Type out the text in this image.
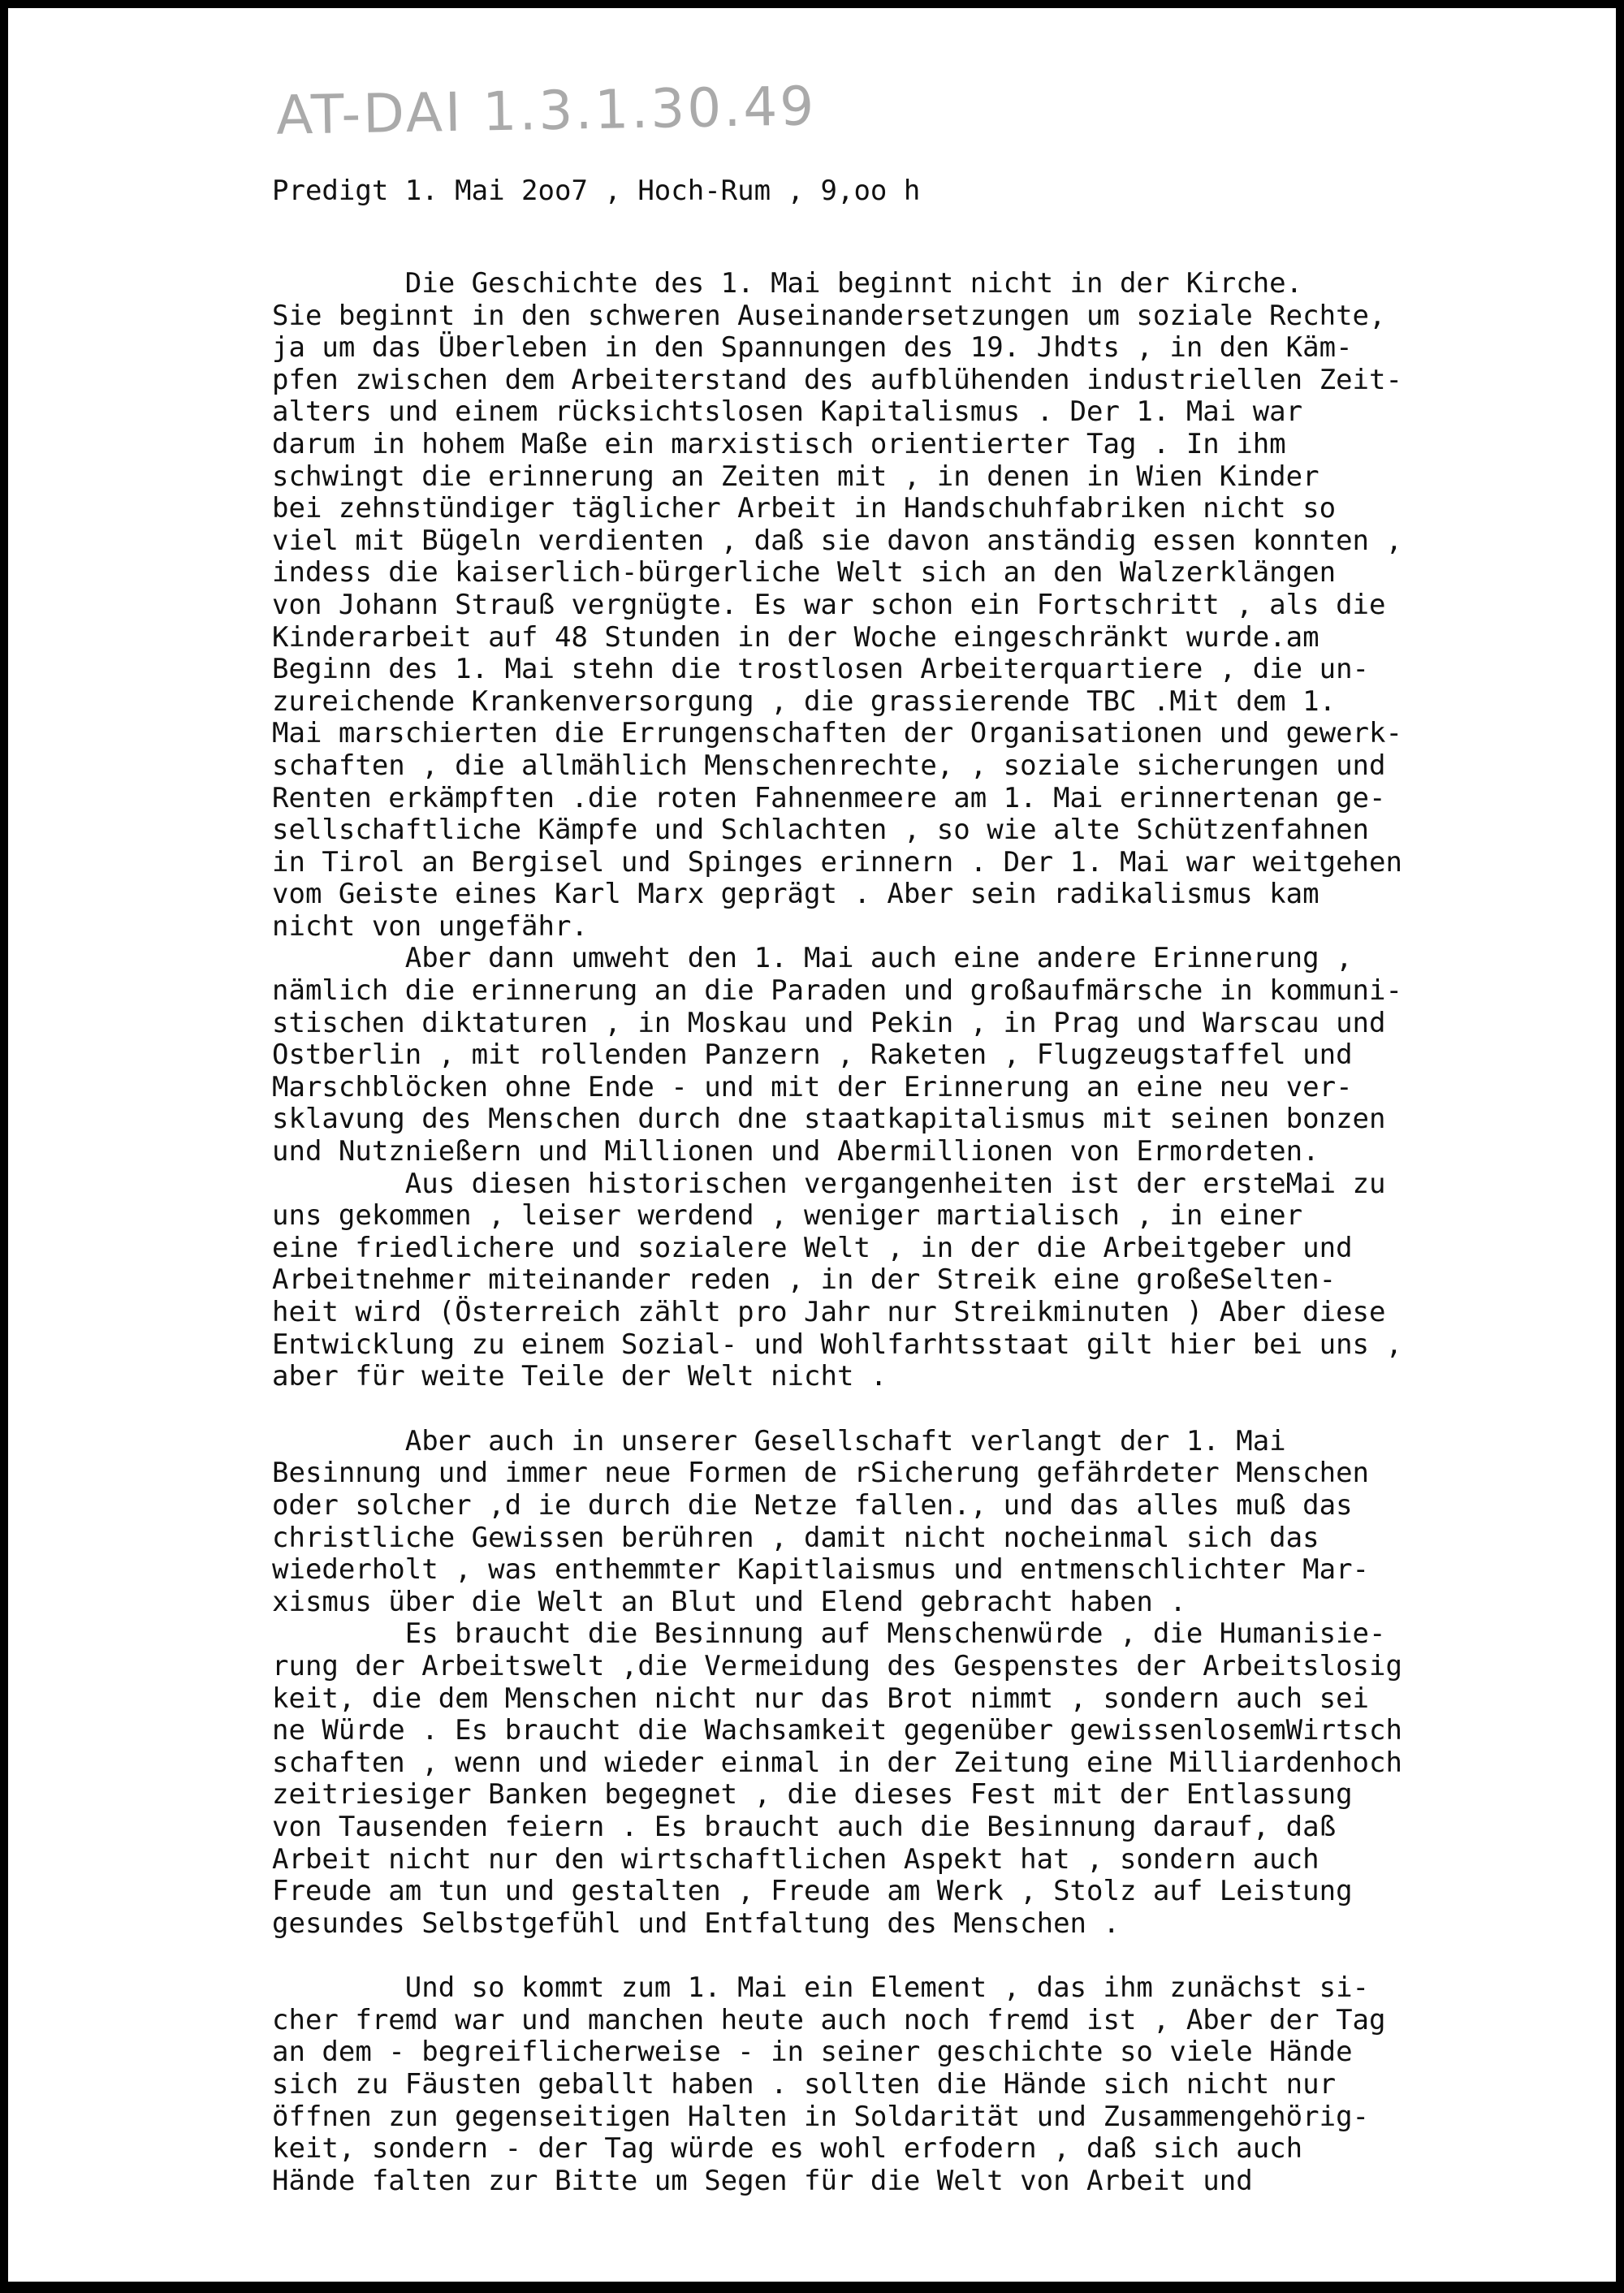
AT-DAI 1.3.1.30.49
Predigt 1. Mai 2oo7 , Hoch-Rum , 9,oo h
Die Geschichte des 1. Mai beginnt nicht in der Kirche.
Sie beginnt in den schweren Auseinandersetzungen um soziale Rechte,
ja um das Überleben in den Spannungen des 19. Jhdts , in den Käm-
pfen zwischen dem Arbeiterstand des aufblühenden industriellen Zeit-
alters und einem rücksichtslosen Kapitalismus . Der 1. Mai war
darum in hohem Maße ein marxistisch orientierter Tag . In ihm
schwingt die erinnerung an Zeiten mit , in denen in Wien Kinder
bei zehnstündiger täglicher Arbeit in Handschuhfabriken nicht so
viel mit Bügeln verdienten , daß sie davon anständig essen konnten ,
indess die kaiserlich-bürgerliche Welt sich an den Walzerklängen
von Johann Strauß vergnügte. Es war schon ein Fortschritt , als die
Kinderarbeit auf 48 Stunden in der Woche eingeschränkt wurde.am
Beginn des 1. Mai stehn die trostlosen Arbeiterquartiere , die un-
zureichende Krankenversorgung , die grassierende TBC .Mit dem 1.
Mai marschierten die Errungenschaften der Organisationen und gewerk-
schaften , die allmählich Menschenrechte, , soziale sicherungen und
Renten erkämpften .die roten Fahnenmeere am 1. Mai erinnertenan ge-
sellschaftliche Kämpfe und Schlachten , so wie alte Schützenfahnen
in Tirol an Bergisel und Spinges erinnern . Der 1. Mai war weitgehen
vom Geiste eines Karl Marx geprägt . Aber sein radikalismus kam
nicht von ungefähr.
Aber dann umweht den 1. Mai auch eine andere Erinnerung ,
nämlich die erinnerung an die Paraden und großaufmärsche in kommuni-
stischen diktaturen , in Moskau und Pekin , in Prag und Warscau und
Ostberlin , mit rollenden Panzern , Raketen , Flugzeugstaffel und
Marschblöcken ohne Ende - und mit der Erinnerung an eine neu ver-
sklavung des Menschen durch dne staatkapitalismus mit seinen bonzen
und Nutznießern und Millionen und Abermillionen von Ermordeten.
Aus diesen historischen vergangenheiten ist der ersteMai zu
uns gekommen , leiser werdend , weniger martialisch , in einer
eine friedlichere und sozialere Welt , in der die Arbeitgeber und
Arbeitnehmer miteinander reden , in der Streik eine großeSelten-
heit wird (Österreich zählt pro Jahr nur Streikminuten ) Aber diese
Entwicklung zu einem Sozial- und Wohlfarhtsstaat gilt hier bei uns ,
aber für weite Teile der Welt nicht .
Aber auch in unserer Gesellschaft verlangt der 1. Mai
Besinnung und immer neue Formen de rSicherung gefährdeter Menschen
oder solcher ,d ie durch die Netze fallen., und das alles muß das
christliche Gewissen berühren , damit nicht nocheinmal sich das
wiederholt , was enthemmter Kapitlaismus und entmenschlichter Mar-
xismus über die Welt an Blut und Elend gebracht haben .
Es braucht die Besinnung auf Menschenwürde , die Humanisie-
rung der Arbeitswelt ,die Vermeidung des Gespenstes der Arbeitslosig
keit, die dem Menschen nicht nur das Brot nimmt , sondern auch sei
ne Würde . Es braucht die Wachsamkeit gegenüber gewissenlosemWirtsch
schaften , wenn und wieder einmal in der Zeitung eine Milliardenhoch
zeitriesiger Banken begegnet , die dieses Fest mit der Entlassung
von Tausenden feiern . Es braucht auch die Besinnung darauf, daß
Arbeit nicht nur den wirtschaftlichen Aspekt hat , sondern auch
Freude am tun und gestalten , Freude am Werk , Stolz auf Leistung
gesundes Selbstgefühl und Entfaltung des Menschen .
Und so kommt zum 1. Mai ein Element , das ihm zunächst si-
cher fremd war und manchen heute auch noch fremd ist , Aber der Tag
an dem - begreiflicherweise - in seiner geschichte so viele Hände
sich zu Fäusten geballt haben . sollten die Hände sich nicht nur
öffnen zun gegenseitigen Halten in Soldarität und Zusammengehörig-
keit, sondern - der Tag würde es wohl erfodern , daß sich auch
Hände falten zur Bitte um Segen für die Welt von Arbeit und
